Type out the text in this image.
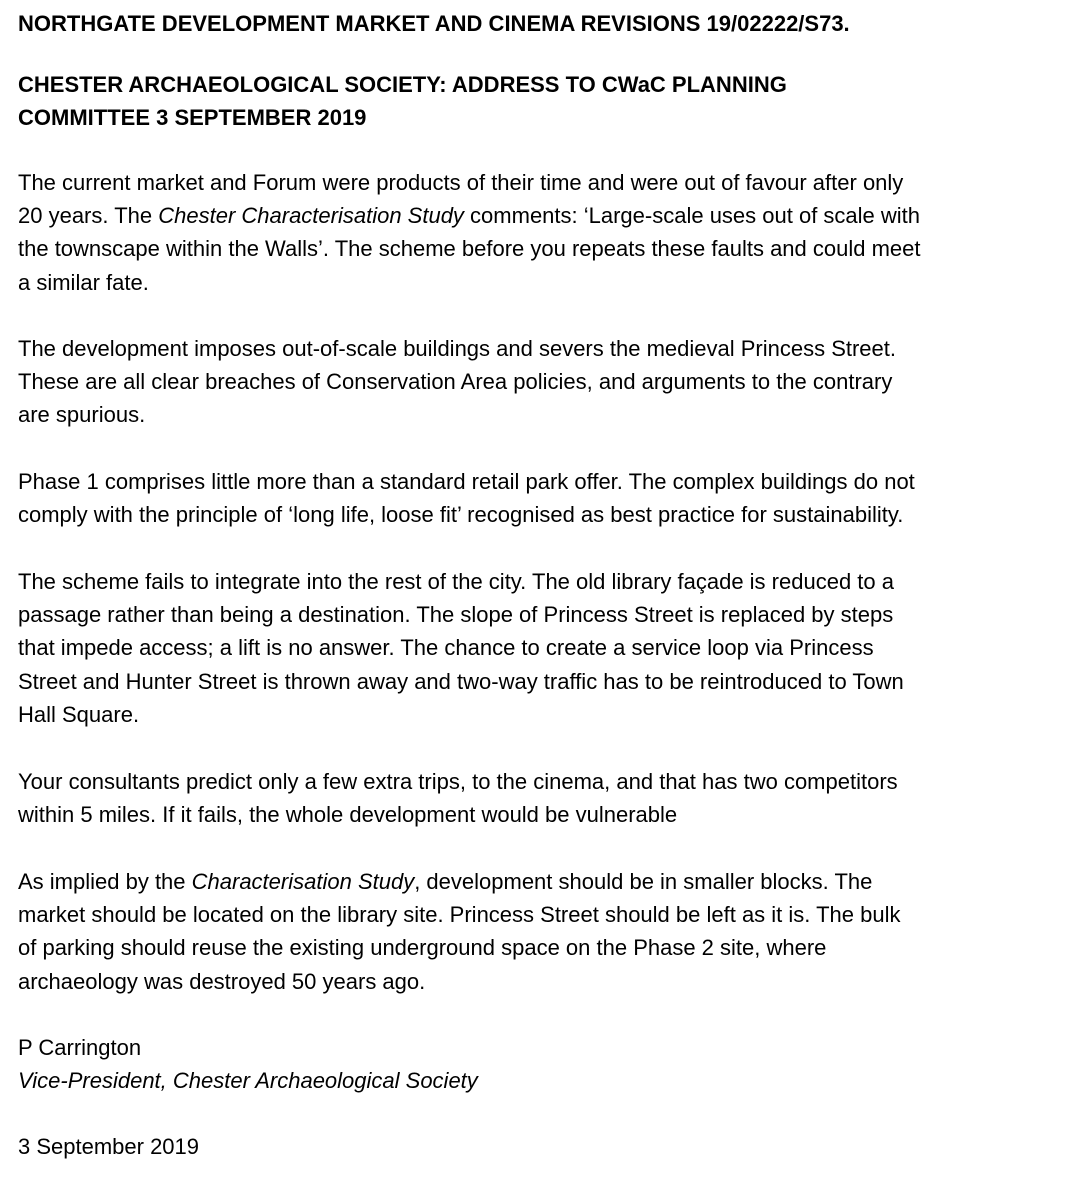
NORTHGATE DEVELOPMENT MARKET AND CINEMA REVISIONS 19/02222/S73.
CHESTER ARCHAEOLOGICAL SOCIETY: ADDRESS TO CWaC PLANNING
COMMITTEE 3 SEPTEMBER 2019

The current market and Forum were products of their time and were out of favour after only
20 years. The Chester Characterisation Study comments: ‘Large-scale uses out of scale with
the townscape within the Walls’. The scheme before you repeats these faults and could meet
a similar fate.

The development imposes out-of-scale buildings and severs the medieval Princess Street.
These are all clear breaches of Conservation Area policies, and arguments to the contrary
are spurious.

Phase 1 comprises little more than a standard retail park offer. The complex buildings do not
comply with the principle of ‘long life, loose fit’ recognised as best practice for sustainability.

The scheme fails to integrate into the rest of the city. The old library façade is reduced to a
passage rather than being a destination. The slope of Princess Street is replaced by steps
that impede access; a lift is no answer. The chance to create a service loop via Princess
Street and Hunter Street is thrown away and two-way traffic has to be reintroduced to Town
Hall Square.

Your consultants predict only a few extra trips, to the cinema, and that has two competitors
within 5 miles. If it fails, the whole development would be vulnerable

As implied by the Characterisation Study, development should be in smaller blocks. The
market should be located on the library site. Princess Street should be left as it is. The bulk
of parking should reuse the existing underground space on the Phase 2 site, where
archaeology was destroyed 50 years ago.

P Carrington
Vice-President, Chester Archaeological Society

3 September 2019
